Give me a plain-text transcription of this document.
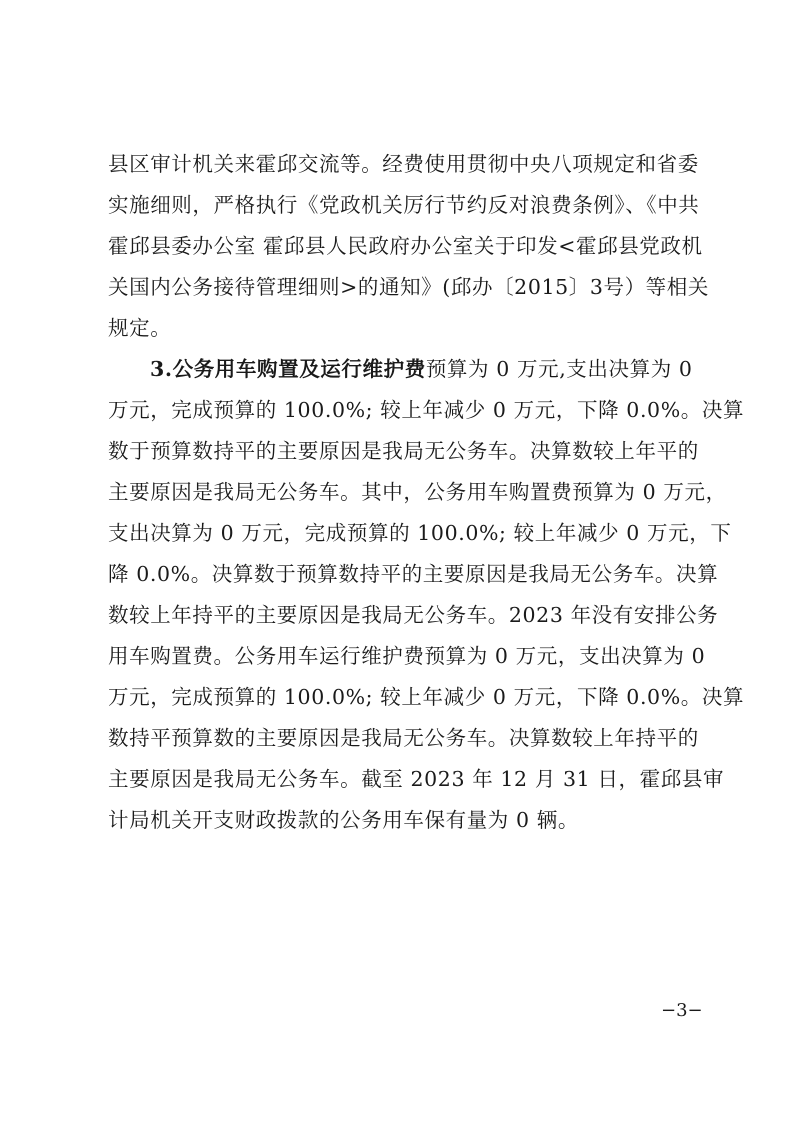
县区审计机关来霍邱交流等。经费使用贯彻中央八项规定和省委
实施细则，严格执行《党政机关厉行节约反对浪费条例》、《中共
霍邱县委办公室 霍邱县人民政府办公室关于印发<霍邱县党政机
关国内公务接待管理细则>的通知》(邱办〔2015〕3号）等相关
规定。
3.公务用车购置及运行维护费预算为 0 万元,支出决算为 0
万元，完成预算的 100.0%; 较上年减少 0 万元，下降 0.0%。决算
数于预算数持平的主要原因是我局无公务车。决算数较上年平的
主要原因是我局无公务车。其中，公务用车购置费预算为 0 万元，
支出决算为 0 万元，完成预算的 100.0%; 较上年减少 0 万元，下
降 0.0%。决算数于预算数持平的主要原因是我局无公务车。决算
数较上年持平的主要原因是我局无公务车。2023 年没有安排公务
用车购置费。公务用车运行维护费预算为 0 万元，支出决算为 0
万元，完成预算的 100.0%; 较上年减少 0 万元，下降 0.0%。决算
数持平预算数的主要原因是我局无公务车。决算数较上年持平的
主要原因是我局无公务车。截至 2023 年 12 月 31 日，霍邱县审
计局机关开支财政拨款的公务用车保有量为 0 辆。
−3−
